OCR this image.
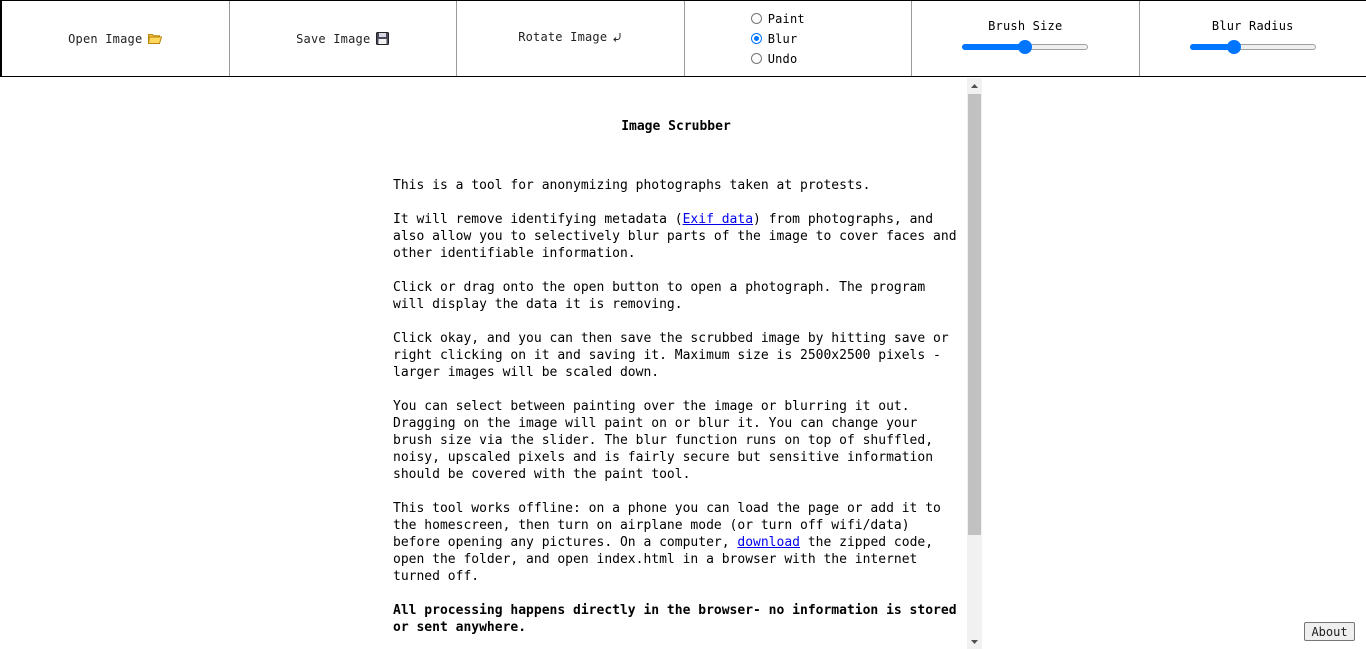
Open Image	Save Image	Rotate Image
Paint
Blur
Undo
Brush Size	Blur Radius
Image Scrubber

This is a tool for anonymizing photographs taken at protests.

It will remove identifying metadata (Exif data) from photographs, and also allow you to selectively blur parts of the image to cover faces and other identifiable information.

Click or drag onto the open button to open a photograph. The program will display the data it is removing.

Click okay, and you can then save the scrubbed image by hitting save or right clicking on it and saving it. Maximum size is 2500x2500 pixels - larger images will be scaled down.

You can select between painting over the image or blurring it out. Dragging on the image will paint on or blur it. You can change your brush size via the slider. The blur function runs on top of shuffled, noisy, upscaled pixels and is fairly secure but sensitive information should be covered with the paint tool.

This tool works offline: on a phone you can load the page or add it to the homescreen, then turn on airplane mode (or turn off wifi/data) before opening any pictures. On a computer, download the zipped code, open the folder, and open index.html in a browser with the internet turned off.

All processing happens directly in the browser- no information is stored or sent anywhere.	About
